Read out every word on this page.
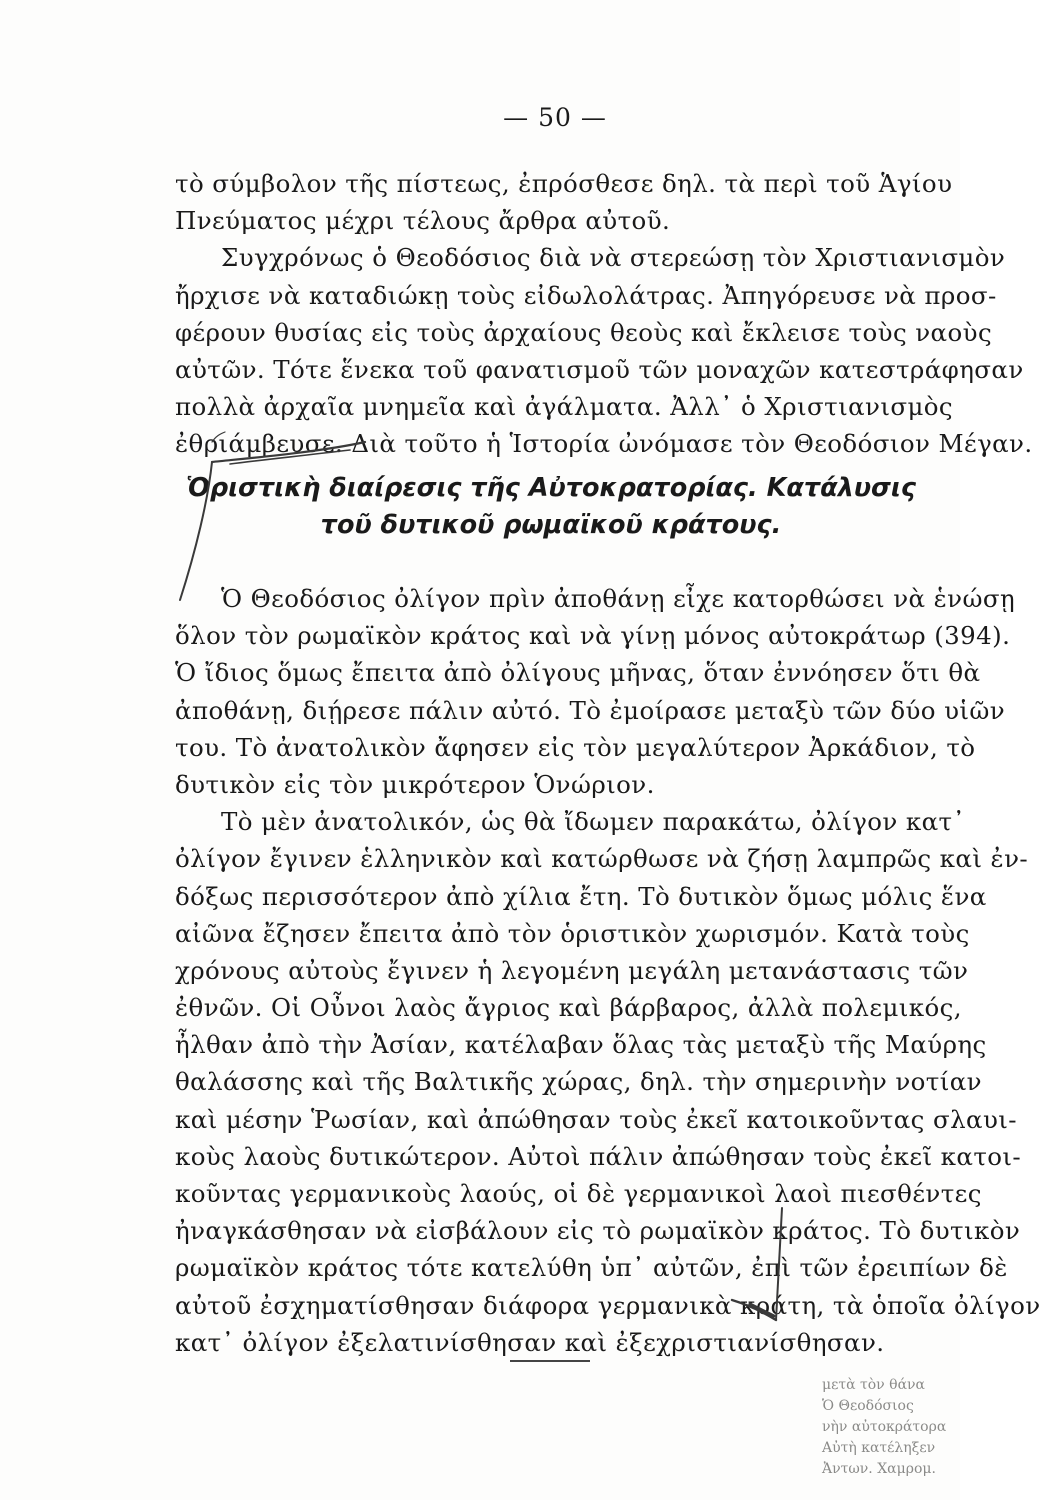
— 50 —
τὸ σύμβολον τῆς πίστεως, ἐπρόσθεσε δηλ. τὰ περὶ τοῦ Ἁγίου
Πνεύματος μέχρι τέλους ἄρθρα αὐτοῦ.
Συγχρόνως ὁ Θεοδόσιος διὰ νὰ στερεώσῃ τὸν Χριστιανισμὸν
ἤρχισε νὰ καταδιώκῃ τοὺς εἰδωλολάτρας. Ἀπηγόρευσε νὰ προσ-
φέρουν θυσίας εἰς τοὺς ἀρχαίους θεοὺς καὶ ἔκλεισε τοὺς ναοὺς
αὐτῶν. Τότε ἕνεκα τοῦ φανατισμοῦ τῶν μοναχῶν κατεστράφησαν
πολλὰ ἀρχαῖα μνημεῖα καὶ ἀγάλματα. Ἀλλ᾽ ὁ Χριστιανισμὸς
ἐθριάμβευσε. Διὰ τοῦτο ἡ Ἱστορία ὠνόμασε τὸν Θεοδόσιον Μέγαν.
Ὁριστικὴ διαίρεσις τῆς Αὐτοκρατορίας. Κατάλυσις
τοῦ δυτικοῦ ρωμαϊκοῦ κράτους.
Ὁ Θεοδόσιος ὀλίγον πρὶν ἀποθάνῃ εἶχε κατορθώσει νὰ ἑνώσῃ
ὅλον τὸν ρωμαϊκὸν κράτος καὶ νὰ γίνῃ μόνος αὐτοκράτωρ (394).
Ὁ ἴδιος ὅμως ἔπειτα ἀπὸ ὀλίγους μῆνας, ὅταν ἐννόησεν ὅτι θὰ
ἀποθάνῃ, διῄρεσε πάλιν αὐτό. Τὸ ἐμοίρασε μεταξὺ τῶν δύο υἱῶν
του. Τὸ ἀνατολικὸν ἄφησεν εἰς τὸν μεγαλύτερον Ἀρκάδιον, τὸ
δυτικὸν εἰς τὸν μικρότερον Ὁνώριον.
Τὸ μὲν ἀνατολικόν, ὡς θὰ ἴδωμεν παρακάτω, ὀλίγον κατ᾽
ὀλίγον ἔγινεν ἑλληνικὸν καὶ κατώρθωσε νὰ ζήσῃ λαμπρῶς καὶ ἐν-
δόξως περισσότερον ἀπὸ χίλια ἔτη. Τὸ δυτικὸν ὅμως μόλις ἕνα
αἰῶνα ἔζησεν ἔπειτα ἀπὸ τὸν ὁριστικὸν χωρισμόν. Κατὰ τοὺς
χρόνους αὐτοὺς ἔγινεν ἡ λεγομένη μεγάλη μετανάστασις τῶν
ἐθνῶν. Οἱ Οὖνοι λαὸς ἄγριος καὶ βάρβαρος, ἀλλὰ πολεμικός,
ἦλθαν ἀπὸ τὴν Ἀσίαν, κατέλαβαν ὅλας τὰς μεταξὺ τῆς Μαύρης
θαλάσσης καὶ τῆς Βαλτικῆς χώρας, δηλ. τὴν σημερινὴν νοτίαν
καὶ μέσην Ῥωσίαν, καὶ ἀπώθησαν τοὺς ἐκεῖ κατοικοῦντας σλαυι-
κοὺς λαοὺς δυτικώτερον. Αὐτοὶ πάλιν ἀπώθησαν τοὺς ἐκεῖ κατοι-
κοῦντας γερμανικοὺς λαούς, οἱ δὲ γερμανικοὶ λαοὶ πιεσθέντες
ἠναγκάσθησαν νὰ εἰσβάλουν εἰς τὸ ρωμαϊκὸν κράτος. Τὸ δυτικὸν
ρωμαϊκὸν κράτος τότε κατελύθη ὑπ᾽ αὐτῶν, ἐπὶ τῶν ἐρειπίων δὲ
αὐτοῦ ἐσχηματίσθησαν διάφορα γερμανικὰ κράτη, τὰ ὁποῖα ὀλίγον
κατ᾽ ὀλίγον ἐξελατινίσθησαν καὶ ἐξεχριστιανίσθησαν.
μετὰ τὸν θάνα
Ὁ Θεοδόσιος
νὴν αὐτοκράτορα
Αὐτὴ κατέληξεν
Ἀντων. Χαμρομ.
